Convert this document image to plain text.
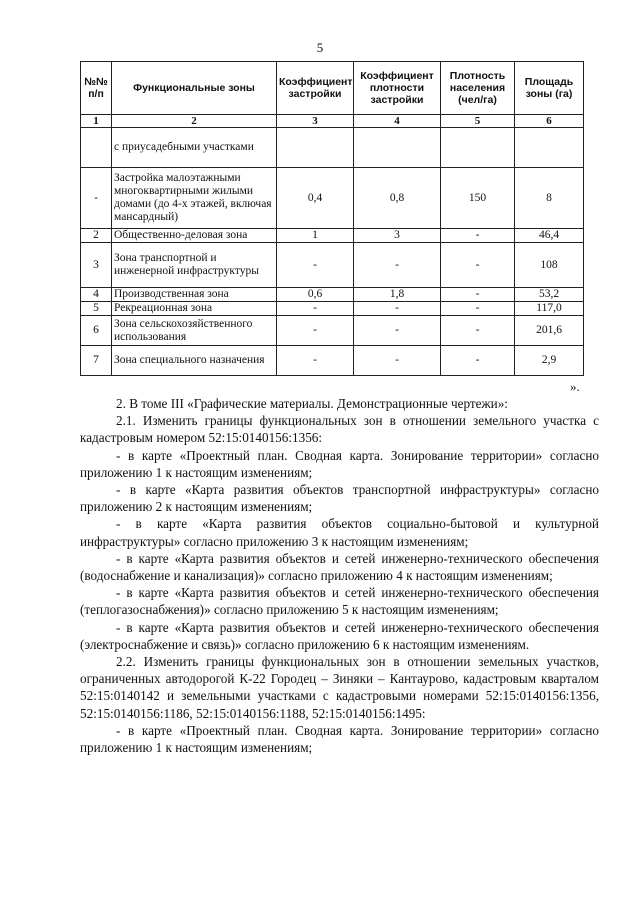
5
№№ п/п	Функциональные зоны	Коэффициент застройки	Коэффициент плотности застройки	Плотность населения (чел/га)	Площадь зоны (га)
1	2	3	4	5	6
	с приусадебными участками				
-	Застройка малоэтажными многоквартирными жилыми домами (до 4-х этажей, включая мансардный)	0,4	0,8	150	8
2	Общественно-деловая зона	1	3	-	46,4
3	Зона транспортной и инженерной инфраструктуры	-	-	-	108
4	Производственная зона	0,6	1,8	-	53,2
5	Рекреационная зона	-	-	-	117,0
6	Зона сельскохозяйственного использования	-	-	-	201,6
7	Зона специального назначения	-	-	-	2,9
».

2. В томе III «Графические материалы. Демонстрационные чертежи»:

2.1. Изменить границы функциональных зон в отношении земельного участка с кадастровым номером 52:15:0140156:1356:

- в карте «Проектный план. Сводная карта. Зонирование территории» согласно приложению 1 к настоящим изменениям;

- в карте «Карта развития объектов транспортной инфраструктуры» согласно приложению 2 к настоящим изменениям;

- в карте «Карта развития объектов социально-бытовой и культурной инфраструктуры» согласно приложению 3 к настоящим изменениям;

- в карте «Карта развития объектов и сетей инженерно-технического обеспечения (водоснабжение и канализация)» согласно приложению 4 к настоящим изменениям;

- в карте «Карта развития объектов и сетей инженерно-технического обеспечения (теплогазоснабжения)» согласно приложению 5 к настоящим изменениям;

- в карте «Карта развития объектов и сетей инженерно-технического обеспечения (электроснабжение и связь)» согласно приложению 6 к настоящим изменениям.

2.2. Изменить границы функциональных зон в отношении земельных участков, ограниченных автодорогой К-22 Городец – Зиняки – Кантаурово, кадастровым кварталом 52:15:0140142 и земельными участками с кадастровыми номерами 52:15:0140156:1356, 52:15:0140156:1186, 52:15:0140156:1188, 52:15:0140156:1495:

- в карте «Проектный план. Сводная карта. Зонирование территории» согласно приложению 1 к настоящим изменениям;
